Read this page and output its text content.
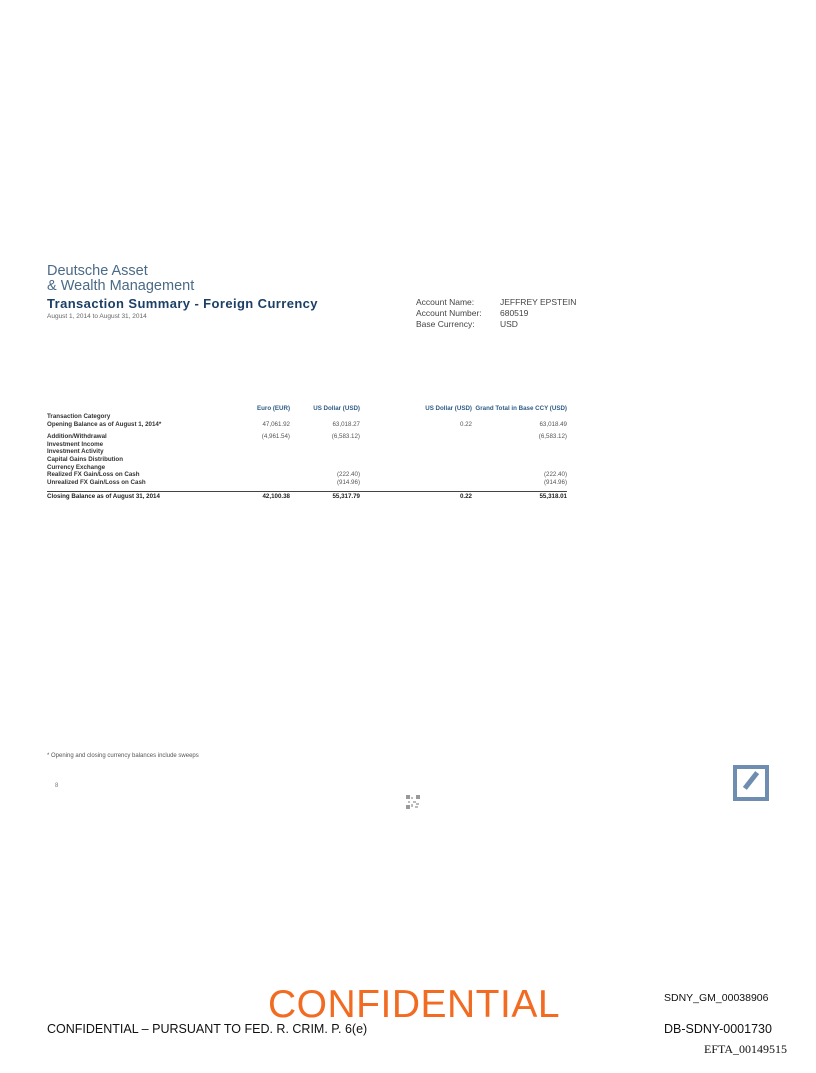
Deutsche Asset
& Wealth Management
Transaction Summary - Foreign Currency
August 1, 2014 to August 31, 2014
Account Name:	JEFFREY EPSTEIN
Account Number:	680519
Base Currency:	USD
	Euro (EUR)	US Dollar (USD)	US Dollar (USD)	Grand Total in Base CCY (USD)
Transaction Category				
Opening Balance as of August 1, 2014*	47,061.92	63,018.27	0.22	63,018.49

Addition/Withdrawal	(4,961.54)	(6,583.12)		(6,583.12)
Investment Income				
Investment Activity				
Capital Gains Distribution				
Currency Exchange				
Realized FX Gain/Loss on Cash		(222.40)		(222.40)
Unrealized FX Gain/Loss on Cash		(914.96)		(914.96)

Closing Balance as of August 31, 2014	42,100.38	55,317.79	0.22	55,318.01
* Opening and closing currency balances include sweeps
8
CONFIDENTIAL	SDNY_GM_00038906
CONFIDENTIAL – PURSUANT TO FED. R. CRIM. P. 6(e)	DB-SDNY-0001730
EFTA_00149515
